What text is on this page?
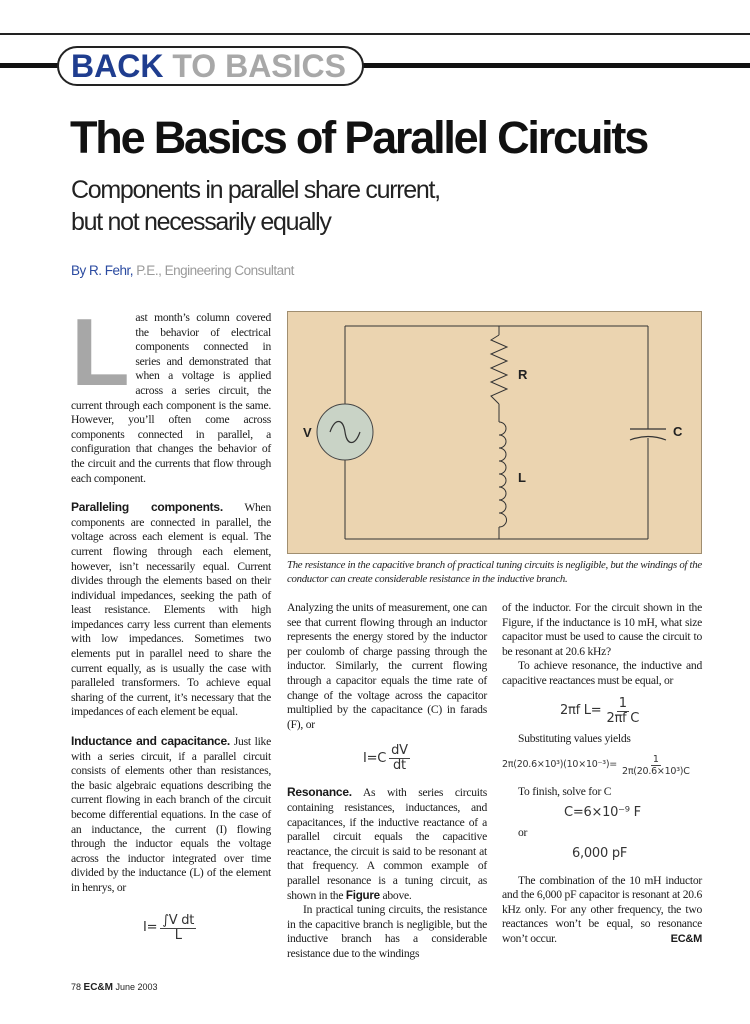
BACK TO BASICS
The Basics of Parallel Circuits
Components in parallel share current,
but not necessarily equally
By R. Fehr, P.E., Engineering Consultant
L ast month’s column covered the behavior of electrical components connected in series and demonstrated that when a voltage is applied across a series circuit, the current through each component is the same. However, you’ll often come across components connected in parallel, a configuration that changes the behavior of the circuit and the currents that flow through each component.

Paralleling components. When components are connected in parallel, the voltage across each element is equal. The current flowing through each element, however, isn’t necessarily equal. Current divides through the elements based on their individual impedances, seeking the path of least resistance. Elements with high impedances carry less current than elements with low impedances. Sometimes two elements put in parallel need to share the current equally, as is usually the case with paralleled transformers. To achieve equal sharing of the current, it’s necessary that the impedances of each element be equal.

Inductance and capacitance. Just like with a series circuit, if a parallel circuit consists of elements other than resistances, the basic algebraic equations describing the current flowing in each branch of the circuit become differential equations. In the case of an inductance, the current (I) flowing through the inductor equals the voltage across the inductor integrated over time divided by the inductance (L) of the element in henrys, or

$I= \frac{\text{∫V dt}}{L}$
V
R
L
C
The resistance in the capacitive branch of practical tuning circuits is negligible, but the windings of the conductor can create considerable resistance in the inductive branch.

Analyzing the units of measurement, one can see that current flowing through an inductor represents the energy stored by the inductor per coulomb of charge passing through the inductor. Similarly, the current flowing through a capacitor equals the time rate of change of the voltage across the capacitor multiplied by the capacitance (C) in farads (F), or

$I=C \frac{dV}{dt}$

Resonance. As with series circuits containing resistances, inductances, and capacitances, if the inductive reactance of a parallel circuit equals the capacitive reactance, the circuit is said to be resonant at that frequency. A common example of parallel resonance is a tuning circuit, as shown in the Figure above.

In practical tuning circuits, the resistance in the capacitive branch is negligible, but the inductive branch has a considerable resistance due to the windings

of the inductor. For the circuit shown in the Figure, if the inductance is 10 mH, what size capacitor must be used to cause the circuit to be resonant at 20.6 kHz?

To achieve resonance, the inductive and capacitive reactances must be equal, or

2πf $L= \frac{1}{\text{2πf C}}$

Substituting values yields

$2\pi(20.6\times 10^3)(10\times 10^{-3})= \frac{1}{\text{2π(20.6×10³)C}}$

To finish, solve for C

C=6×10⁻⁹ F

or

6,000 pF

The combination of the 10 mH inductor and the 6,000 pF capacitor is resonant at 20.6 kHz only. For any other frequency, the two reactances won’t be equal, so resonance won’t occur.	EC&M

78 EC&M June 2003
